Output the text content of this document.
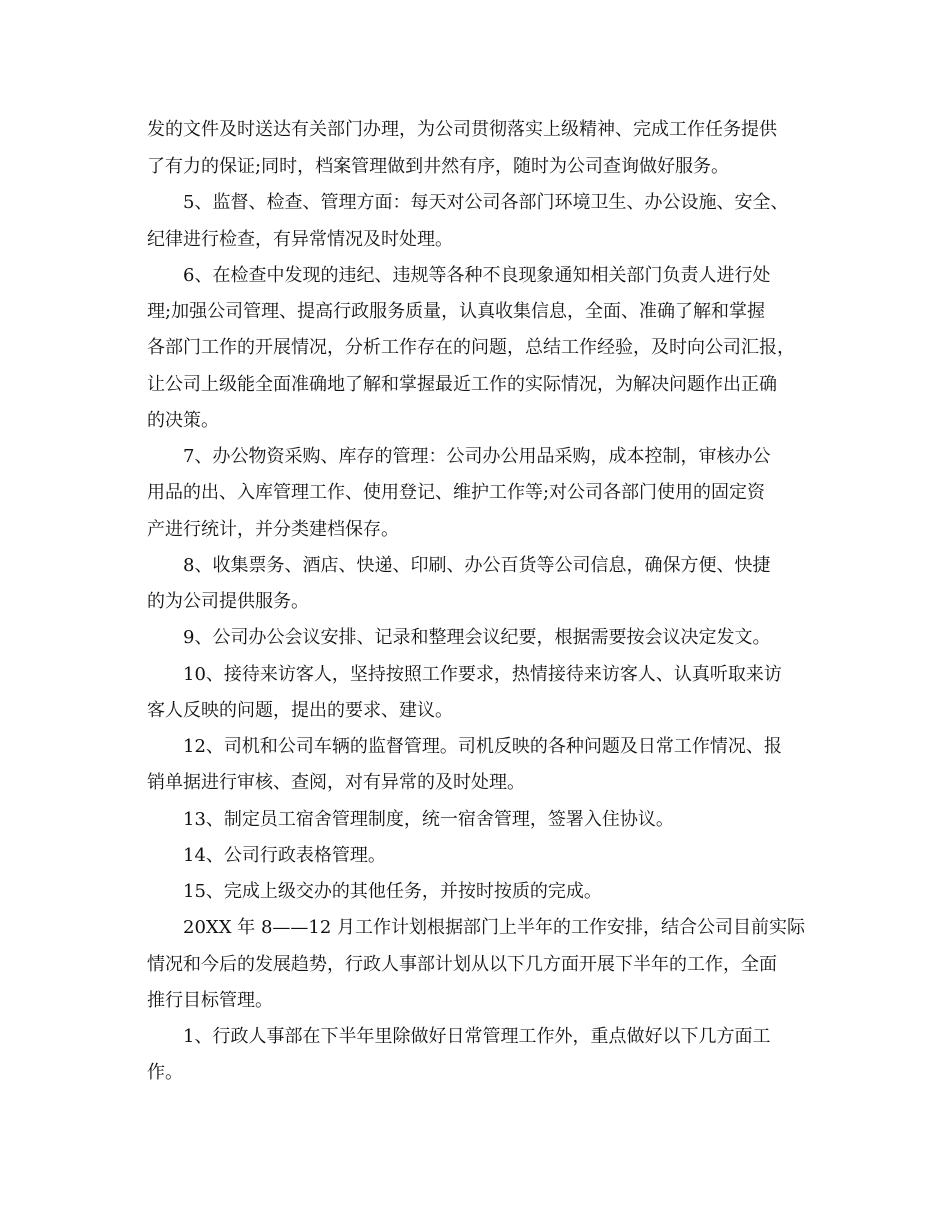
发的文件及时送达有关部门办理，为公司贯彻落实上级精神、完成工作任务提供
了有力的保证;同时，档案管理做到井然有序，随时为公司查询做好服务。
5、监督、检查、管理方面：每天对公司各部门环境卫生、办公设施、安全、
纪律进行检查，有异常情况及时处理。
6、在检查中发现的违纪、违规等各种不良现象通知相关部门负责人进行处
理;加强公司管理、提高行政服务质量，认真收集信息，全面、准确了解和掌握
各部门工作的开展情况，分析工作存在的问题，总结工作经验，及时向公司汇报，
让公司上级能全面准确地了解和掌握最近工作的实际情况，为解决问题作出正确
的决策。
7、办公物资采购、库存的管理：公司办公用品采购，成本控制，审核办公
用品的出、入库管理工作、使用登记、维护工作等;对公司各部门使用的固定资
产进行统计，并分类建档保存。
8、收集票务、酒店、快递、印刷、办公百货等公司信息，确保方便、快捷
的为公司提供服务。
9、公司办公会议安排、记录和整理会议纪要，根据需要按会议决定发文。
10、接待来访客人，坚持按照工作要求，热情接待来访客人、认真听取来访
客人反映的问题，提出的要求、建议。
12、司机和公司车辆的监督管理。司机反映的各种问题及日常工作情况、报
销单据进行审核、查阅，对有异常的及时处理。
13、制定员工宿舍管理制度，统一宿舍管理，签署入住协议。
14、公司行政表格管理。
15、完成上级交办的其他任务，并按时按质的完成。
20XX 年 8——12 月工作计划根据部门上半年的工作安排，结合公司目前实际
情况和今后的发展趋势，行政人事部计划从以下几方面开展下半年的工作，全面
推行目标管理。
1、行政人事部在下半年里除做好日常管理工作外，重点做好以下几方面工
作。
